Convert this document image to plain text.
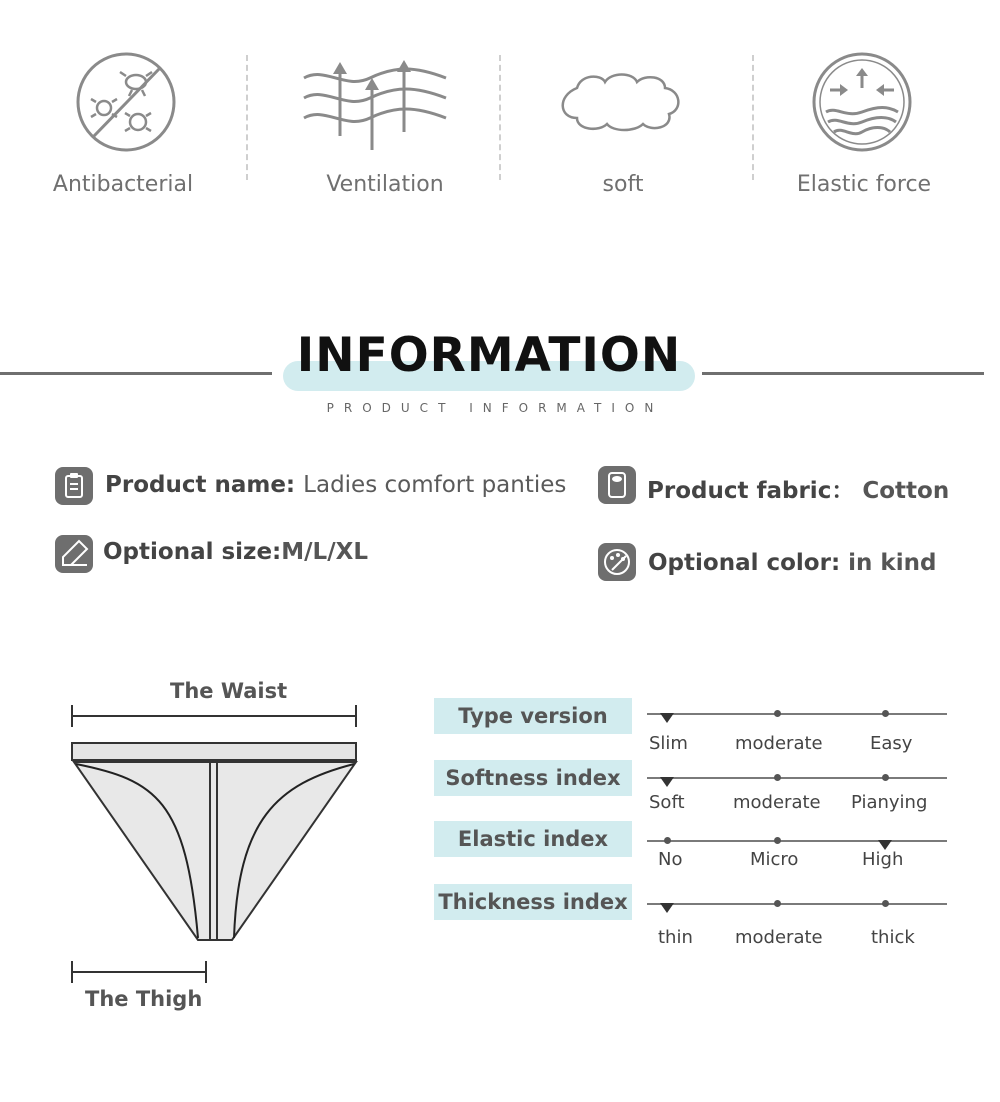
Antibacterial	Ventilation	soft	Elastic force
INFORMATION
PRODUCT INFORMATION
Product name: Ladies comfort panties	Product fabric： Cotton
Optional size:M/L/XL	Optional color: in kind
The Waist
The Thigh
Type version
Slim	moderate	Easy
Softness index
Soft	moderate Pianying
Elastic index
No	Micro	High
Thickness index
thin moderate	thick
